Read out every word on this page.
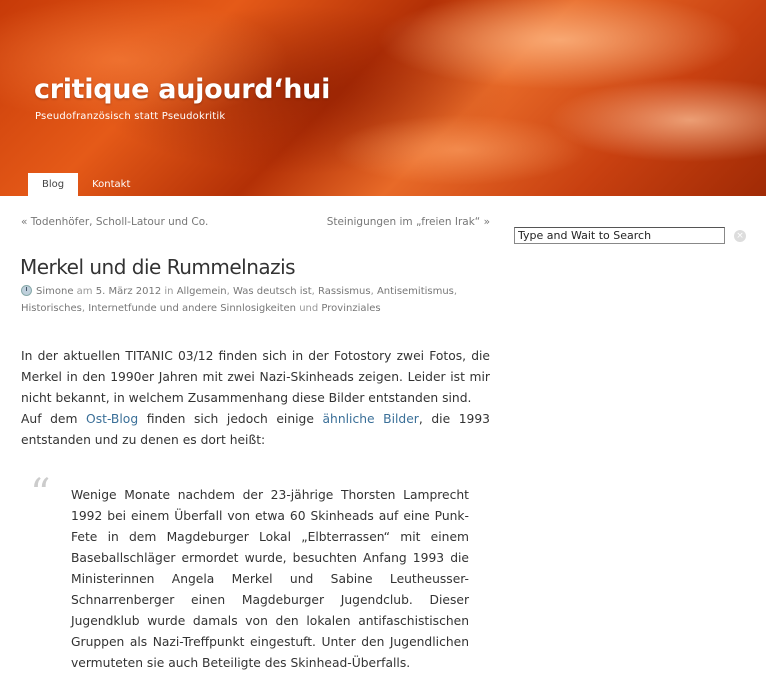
critique aujourd‘hui
Pseudofranzösisch statt Pseudokritik
Blog	Kontakt
« Todenhöfer, Scholl-Latour und Co.	Steinigungen im „freien Irak“ »
Type and Wait to Search
×
Merkel und die Rummelnazis
Simone am 5. März 2012 in Allgemein, Was deutsch ist, Rassismus, Antisemitismus, Historisches, Internetfunde und andere Sinnlosigkeiten und Provinziales

In der aktuellen TITANIC 03/12 finden sich in der Fotostory zwei Fotos, die Merkel in den 1990er Jahren mit zwei Nazi-Skinheads zeigen. Leider ist mir nicht bekannt, in welchem Zusammenhang diese Bilder entstanden sind.

Auf dem Ost-Blog finden sich jedoch einige ähnliche Bilder, die 1993 entstanden und zu denen es dort heißt:

“ Wenige Monate nachdem der 23-jährige Thorsten Lamprecht 1992 bei einem Überfall von etwa 60 Skinheads auf eine Punk-Fete in dem Magdeburger Lokal „Elbterrassen“ mit einem Baseballschläger ermordet wurde, besuchten Anfang 1993 die Ministerinnen Angela Merkel und Sabine Leutheusser-Schnarrenberger einen Magdeburger Jugendclub. Dieser Jugendklub wurde damals von den lokalen antifaschistischen Gruppen als Nazi-Treffpunkt eingestuft. Unter den Jugendlichen vermuteten sie auch Beteiligte des Skinhead-Überfalls.
